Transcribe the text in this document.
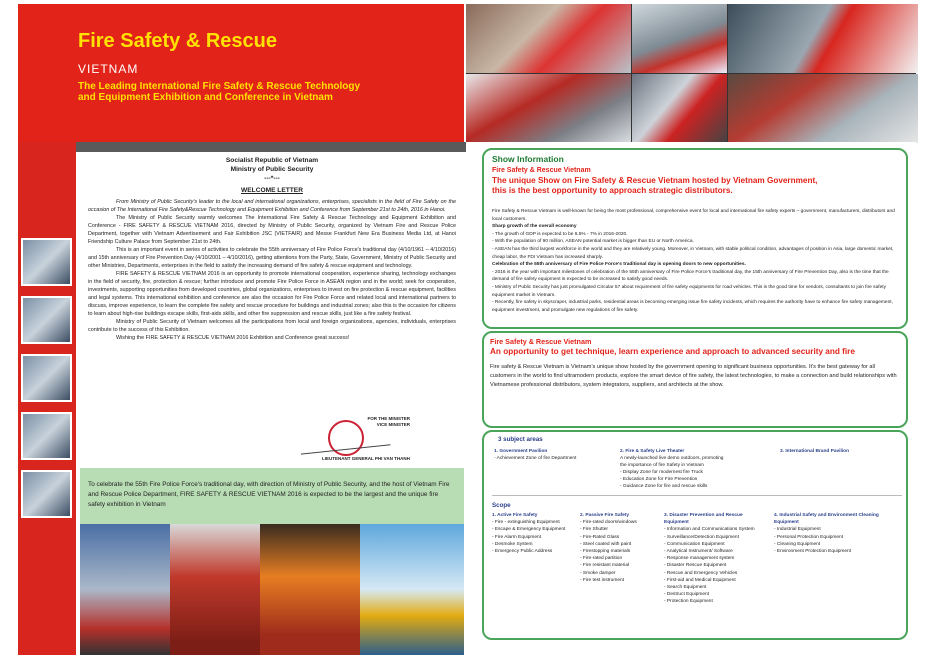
Fire Safety & Rescue
VIETNAM
The Leading International Fire Safety & Rescue Technology and Equipment Exhibition and Conference in Vietnam
Socialist Republic of Vietnam
Ministry of Public Security
---*---
WELCOME LETTER

From Ministry of Public Security's leader to the local and international organizations, enterprises, specialists in the field of Fire Safety on the occasion of The International Fire Safety&Rescue Technology and Equipment Exhibition and Conference from September 21st to 24th, 2016 in Hanoi.

The Ministry of Public Security warmly welcomes The International Fire Safety & Rescue Technology and Equipment Exhibition and Conference - FIRE SAFETY & RESCUE VIETNAM 2016, directed by Ministry of Public Security, organized by Vietnam Fire and Rescue Police Department, together with Vietnam Advertisement and Fair Exhibition JSC (VIETFAIR) and Messe Frankfurt New Era Business Media Ltd, at Hanoi Friendship Culture Palace from September 21st to 24th.

This is an important event in series of activities to celebrate the 55th anniversary of Fire Police Force's traditional day (4/10/1961 – 4/10/2016) and 15th anniversary of Fire Prevention Day (4/10/2001 – 4/10/2016), getting attentions from the Party, State, Government, Ministry of Public Security and other Ministries, Departments, enterprises in the field to satisfy the increasing demand of fire safety & rescue equipment and technology.

FIRE SAFETY & RESCUE VIETNAM 2016 is an opportunity to promote international cooperation, experience sharing, technology exchanges in the field of security, fire, protection & rescue; further introduce and promote Fire Police Force in ASEAN region and in the world; seek for cooperation, investments, supporting opportunities from developed countries, global organizations, enterprises to invest on fire protection & rescue equipment, facilities and legal systems. This international exhibition and conference are also the occasion for Fire Police Force and related local and international partners to discuss, improve experience, to learn the complete fire safety and rescue procedure for buildings and industrial zones; also this is the occasion for citizens to learn about high-rise buildings escape skills, first-aids skills, and other fire suppression and rescue skills, just like a fire safety festival.

Ministry of Public Security of Vietnam welcomes all the participations from local and foreign organizations, agencies, individuals, enterprises contribute to the success of this Exhibition.

Wishing the FIRE SAFETY & RESCUE VIETNAM 2016 Exhibition and Conference great success!

FOR THE MINISTER
VICE MINISTER
LIEUTENANT GENERAL PHI VAN THANH
To celebrate the 55th Fire Police Force's traditional day, with direction of Ministry of Public Security, and the host of Vietnam Fire and Rescue Police Department, FIRE SAFETY & RESCUE VIETNAM 2016 is expected to be the largest and the unique fire safety exhibition in Vietnam
Show Information
Fire Safety & Rescue Vietnam
The unique Show on Fire Safety & Rescue Vietnam hosted by Vietnam Government, this is the best opportunity to approach strategic distributors.
Fire Safety & Rescue Vietnam is well-known for being the most professional, comprehensive event for local and international fire safety experts – government, manufacturers, distributors and local customers.
Sharp growth of the overall economy
- The growth of GDP is expected to be 6.5% - 7% in 2016-2020.
- With the population of 90 million, ASEAN potential market is bigger than EU or North America.
- ASEAN has the third largest workforce in the world and they are relatively young. Moreover, in Vietnam, with stable political condition, advantages of position in Asia, large domestic market, cheap labor, the FDI Vietnam has increased sharply.
Celebration of the 55th anniversary of Fire Police Force's traditional day is opening doors to new opportunities.
- 2016 is the year with important milestones of celebration of the 55th anniversary of Fire Police Force's traditional day, the 15th anniversary of Fire Prevention Day, also is the time that the demand of fire safety equipment is expected to be increased to satisfy good needs.
- Ministry of Public Security has just promulgated Circular 57 about requirement of fire safety equipments for road vehicles. This is the good time for vendors, consultants to join fire safety equipment market in Vietnam.
- Recently, fire safety in skyscraper, industrial parks, residential areas is becoming emerging issue fire safety incidents, which requires the authority have to enhance fire safety management, equipment investment, and promulgate new regulations of fire safety.
Fire Safety & Rescue Vietnam
An opportunity to get technique, learn experience and approach to advanced security and fire
Fire safety & Rescue Vietnam is Vietnam's unique show hosted by the government opening to significant business opportunities. It's the best gateway for all customers in the world to find ultramodern products, explore the smart device of fire safety, the latest technologies, to make a connection and build relationships with Vietnamese professional distributors, system integrators, suppliers, and architects at the show.
3 subject areas
1. Government Pavilion
- Achievement Zone of fire Department
2. Fire & Safety Live Theater
A newly-launched live demo outdoors, promoting
the importance of fire Safety in Vietnam
- Display Zone for modernest fire Truck
- Education Zone for Fire Prevention
- Guidance Zone for fire and rescue skills
3. International Brand Pavilion
Scope
1. Active Fire Safety
- Fire - extinguishing Equipment
- Escape & Emergency Equipment
- Fire Alarm Equipment
- Desmoke System
- Emergency Public Address
2. Passive Fire Safety
- Fire-rated doors/windows
- Fire Shutter
- Fire-Rated Glass
- Steel coated with paint
- Firestopping materials
- Fire-rated partition
- Fire resistant material
- Smoke damper
- Fire test instrument
3. Disaster Prevention and Rescue Equipment
- Information and Communications System
- Surveillance/Detection Equipment
- Communication Equipment
- Analytical Instrument/ Software
- Response management system
- Disaster Rescue Equipment
- Rescue and Emergency Vehicles
- First-aid and Medical Equipment
- Search Equipment
- Destruct Equipment
- Protection Equipment
4. Industrial Safety and Environment Cleaning Equipment
- Industrial Equipment
- Personal Protection Equipment
- Cleaning Equipment
- Environment Protection Equipment
